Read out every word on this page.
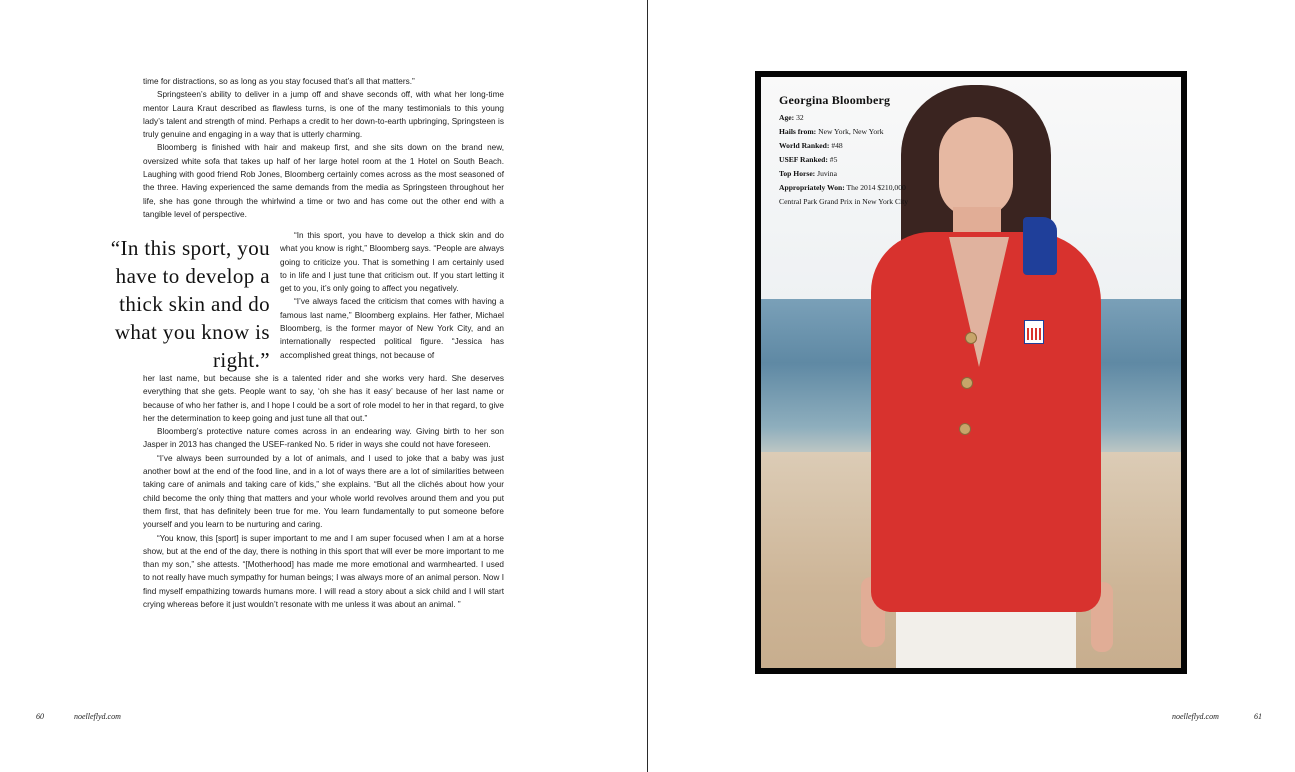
time for distractions, so as long as you stay focused that’s all that matters.”

Springsteen’s ability to deliver in a jump off and shave seconds off, with what her long-time mentor Laura Kraut described as flawless turns, is one of the many testimonials to this young lady’s talent and strength of mind. Perhaps a credit to her down-to-earth upbringing, Springsteen is truly genuine and engaging in a way that is utterly charming.

Bloomberg is finished with hair and makeup first, and she sits down on the brand new, oversized white sofa that takes up half of her large hotel room at the 1 Hotel on South Beach. Laughing with good friend Rob Jones, Bloomberg certainly comes across as the most seasoned of the three. Having experienced the same demands from the media as Springsteen throughout her life, she has gone through the whirlwind a time or two and has come out the other end with a tangible level of perspective.

“In this sport, you have to develop a thick skin and do what you know is right.”

“In this sport, you have to develop a thick skin and do what you know is right,” Bloomberg says. “People are always going to criticize you. That is something I am certainly used to in life and I just tune that criticism out. If you start letting it get to you, it’s only going to affect you negatively.

“I’ve always faced the criticism that comes with having a famous last name,” Bloomberg explains. Her father, Michael Bloomberg, is the former mayor of New York City, and an internationally respected political figure. “Jessica has accomplished great things, not because of

her last name, but because she is a talented rider and she works very hard. She deserves everything that she gets. People want to say, ‘oh she has it easy’ because of her last name or because of who her father is, and I hope I could be a sort of role model to her in that regard, to give her the determination to keep going and just tune all that out.”

Bloomberg’s protective nature comes across in an endearing way. Giving birth to her son Jasper in 2013 has changed the USEF-ranked No. 5 rider in ways she could not have foreseen.

“I’ve always been surrounded by a lot of animals, and I used to joke that a baby was just another bowl at the end of the food line, and in a lot of ways there are a lot of similarities between taking care of animals and taking care of kids,” she explains. “But all the clichés about how your child become the only thing that matters and your whole world revolves around them and you put them first, that has definitely been true for me. You learn fundamentally to put someone before yourself and you learn to be nurturing and caring.

“You know, this [sport] is super important to me and I am super focused when I am at a horse show, but at the end of the day, there is nothing in this sport that will ever be more important to me than my son,” she attests. “[Motherhood] has made me more emotional and warmhearted. I used to not really have much sympathy for human beings; I was always more of an animal person. Now I find myself empathizing towards humans more. I will read a story about a sick child and I will start crying whereas before it just wouldn’t resonate with me unless it was about an animal. ”

60	noelleflyd.com

Georgina Bloomberg

Age: 32

Hails from: New York, New York

World Ranked: #48

USEF Ranked: #5

Top Horse: Juvina

Appropriately Won: The 2014 $210,000 Central Park Grand Prix in New York City

noelleflyd.com	61
